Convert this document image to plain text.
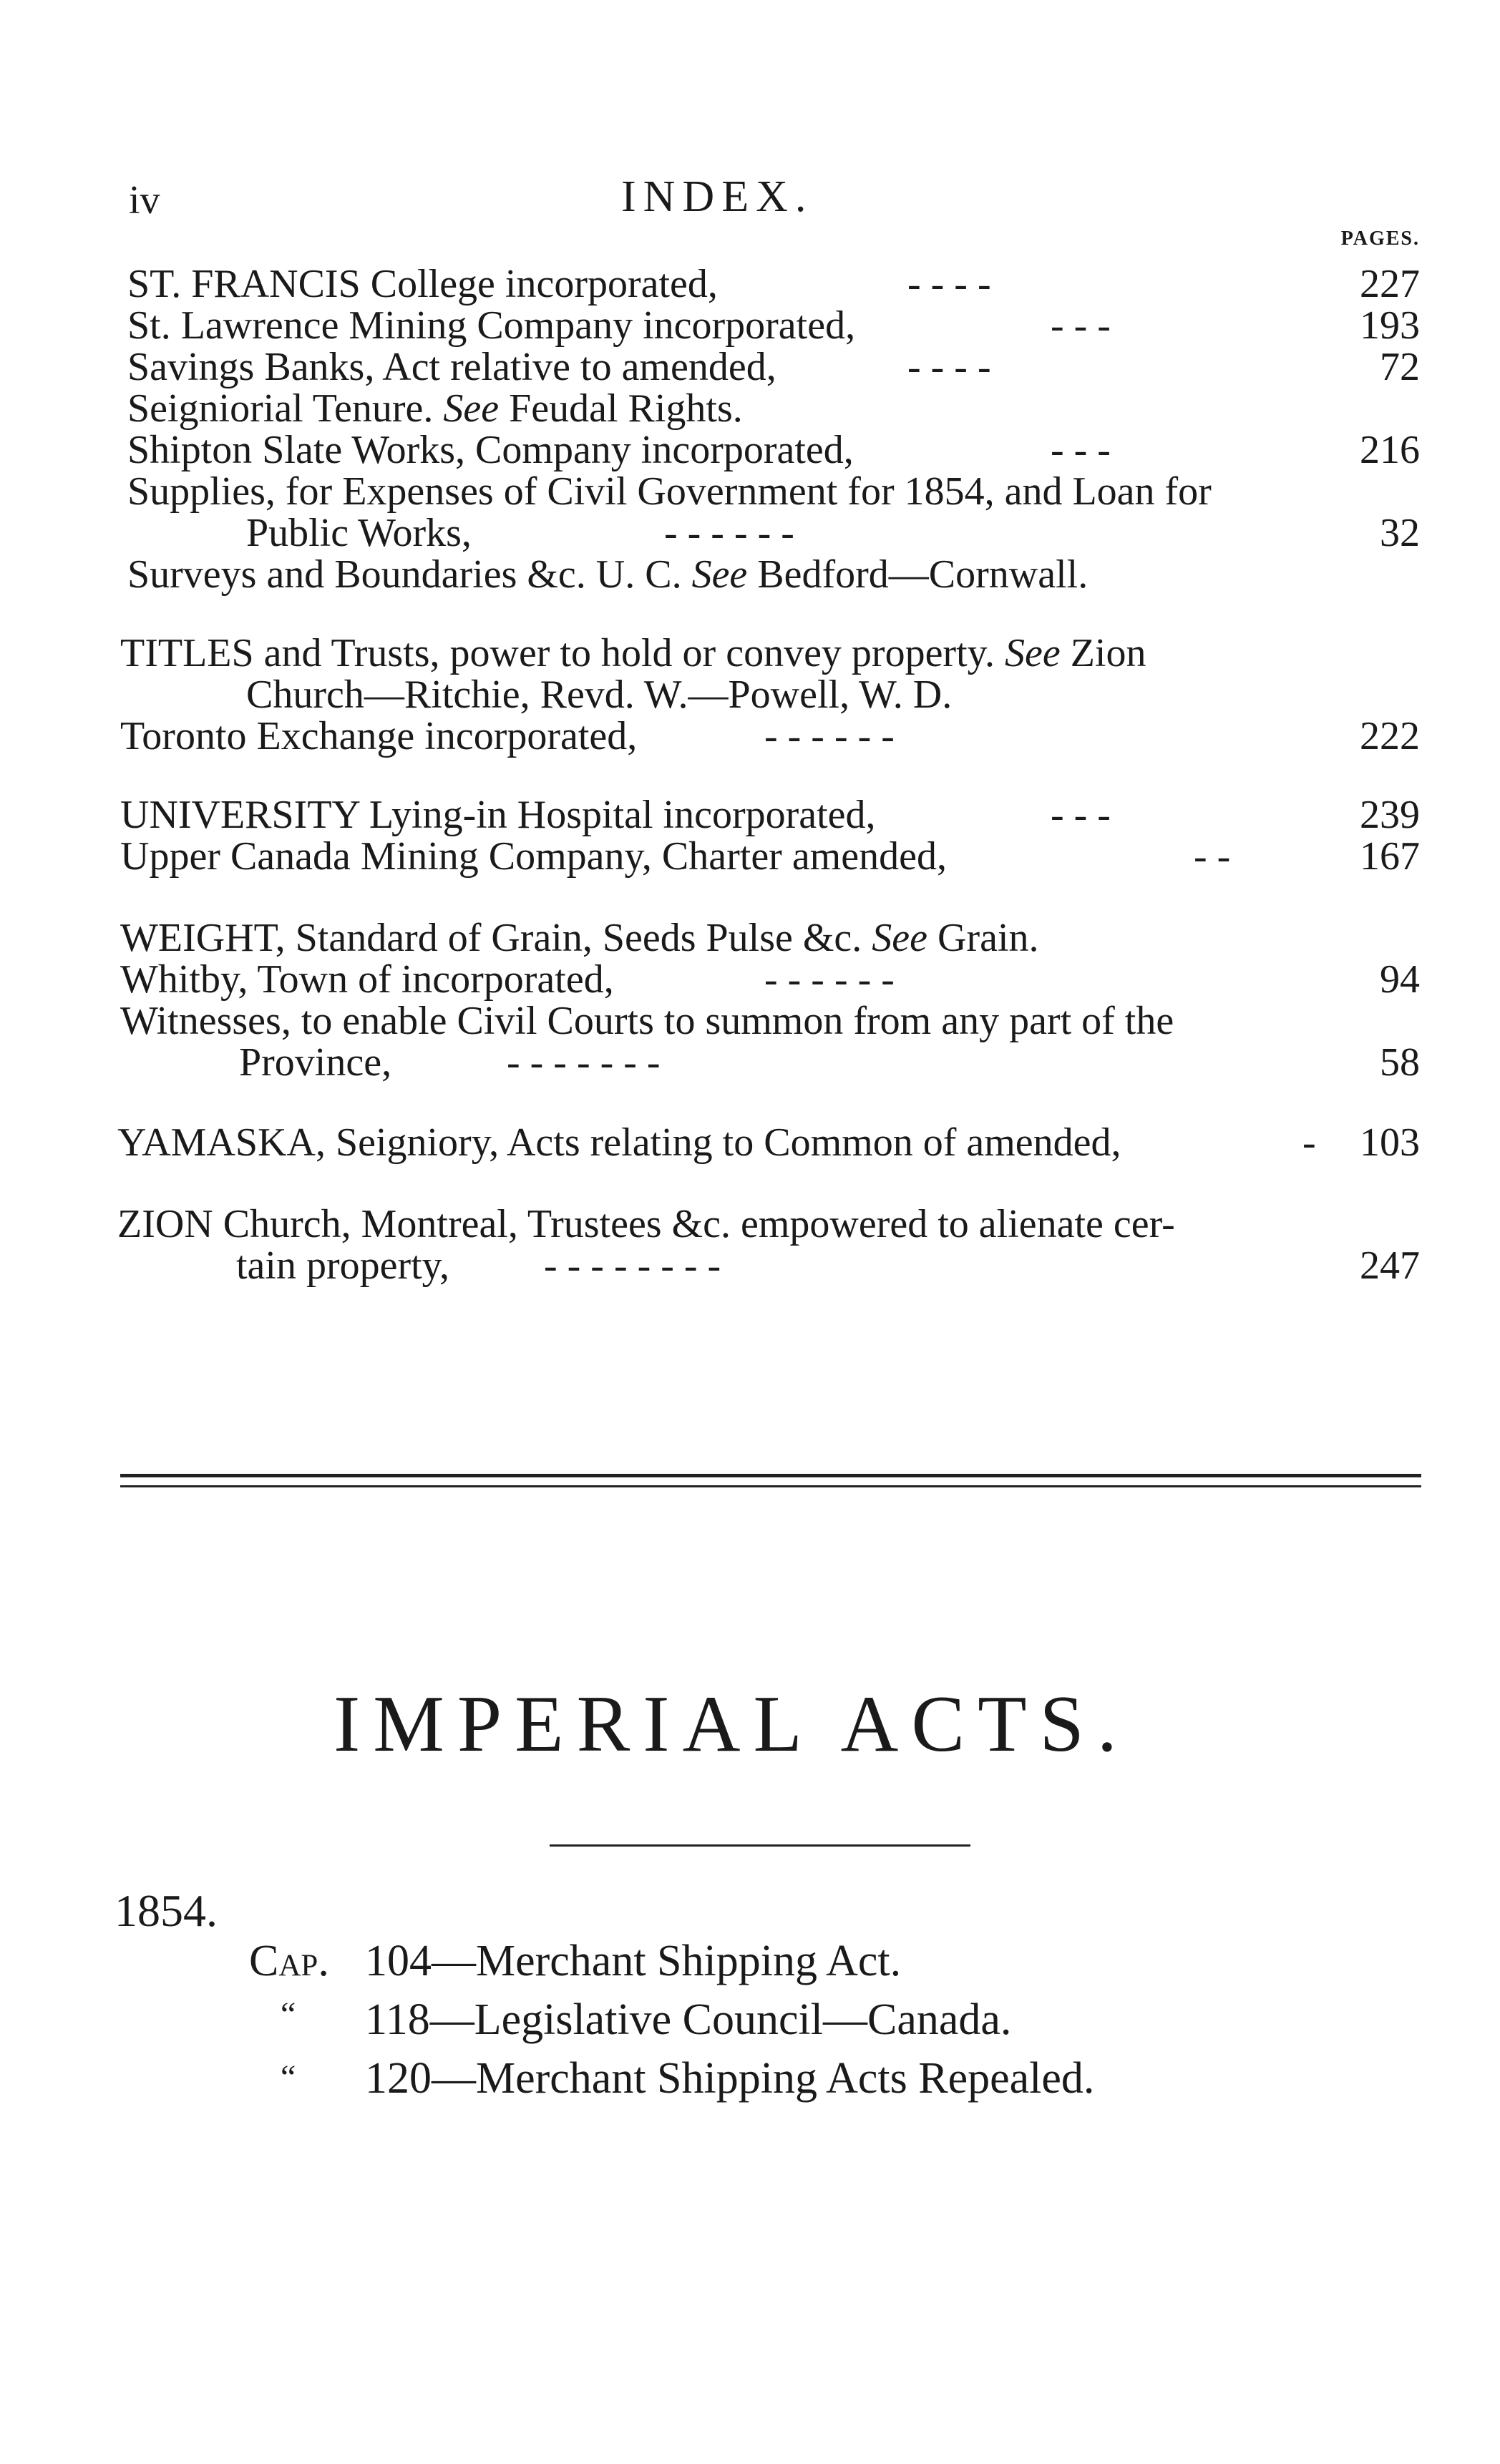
iv	INDEX.
PAGES.
ST. FRANCIS College incorporated,	- - - -	227
St. Lawrence Mining Company incorporated,	- - -	193
Savings Banks, Act relative to amended,	- - - -	72
Seigniorial Tenure. See Feudal Rights.
Shipton Slate Works, Company incorporated,	- - -	216
Supplies, for Expenses of Civil Government for 1854, and Loan for
Public Works,	- - - - - -	32
Surveys and Boundaries &c. U. C. See Bedford—Cornwall.
TITLES and Trusts, power to hold or convey property. See Zion
Church—Ritchie, Revd. W.—Powell, W. D.
Toronto Exchange incorporated,	- - - - - -	222
UNIVERSITY Lying-in Hospital incorporated,	- - -	239
Upper Canada Mining Company, Charter amended,	- -	167
WEIGHT, Standard of Grain, Seeds Pulse &c. See Grain.
Whitby, Town of incorporated,	- - - - - -	94
Witnesses, to enable Civil Courts to summon from any part of the
Province,	- - - - - - -	58
YAMASKA, Seigniory, Acts relating to Common of amended,	- 103
ZION Church, Montreal, Trustees &c. empowered to alienate cer-
tain property, - - - - - - - -	247
IMPERIAL ACTS.
1854.
Cap. 104—Merchant Shipping Act.
“ 118—Legislative Council—Canada.
“ 120—Merchant Shipping Acts Repealed.
